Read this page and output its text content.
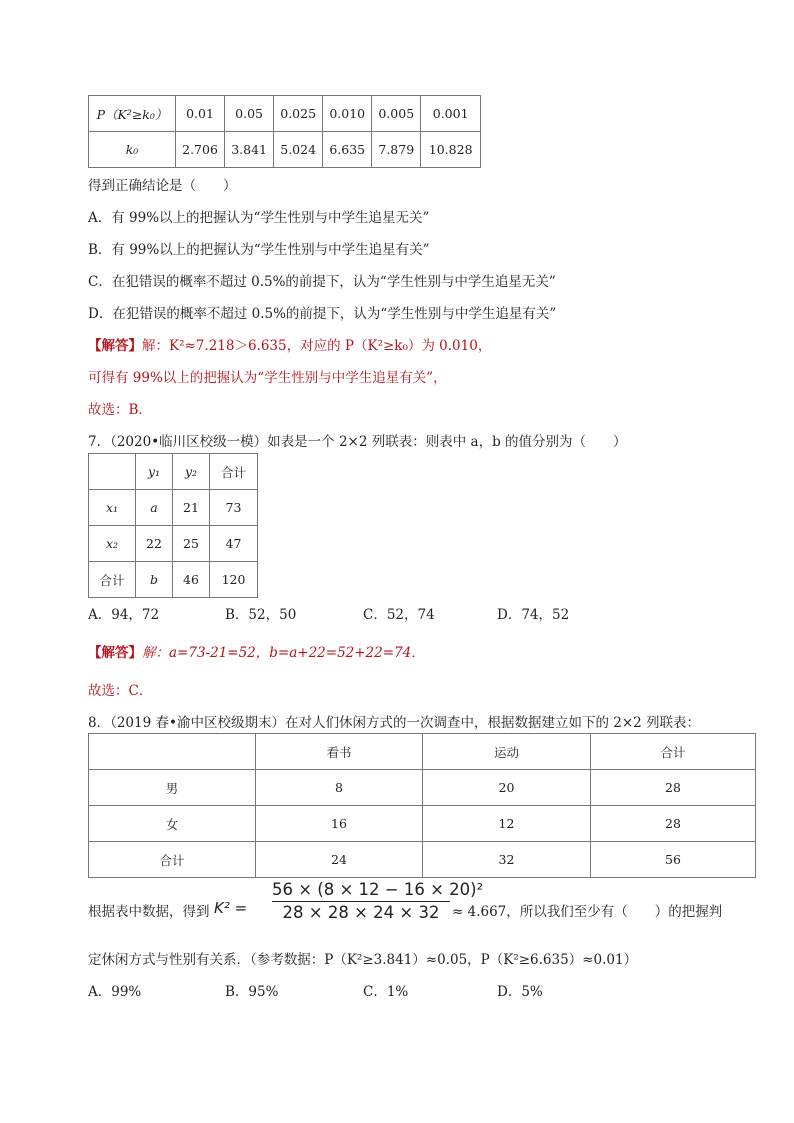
P（K²≥k₀）	0.01	0.05	0.025	0.010	0.005	0.001
k₀	2.706	3.841	5.024	6.635	7.879	10.828
得到正确结论是（　　）
A．有 99%以上的把握认为“学生性别与中学生追星无关”
B．有 99%以上的把握认为“学生性别与中学生追星有关”
C．在犯错误的概率不超过 0.5%的前提下，认为“学生性别与中学生追星无关”
D．在犯错误的概率不超过 0.5%的前提下，认为“学生性别与中学生追星有关”
【解答】解：K²≈7.218＞6.635，对应的 P（K²≥k₀）为 0.010，
可得有 99%以上的把握认为“学生性别与中学生追星有关”，
故选：B．
7．（2020•临川区校级一模）如表是一个 2×2 列联表：则表中 a，b 的值分别为（　　）
	y₁	y₂	合计
x₁	a	21	73
x₂	22	25	47
合计	b	46	120
A．94，72	B．52，50	C．52，74	D．74，52
【解答】解：a=73-21=52，b=a+22=52+22=74．
故选：C．
8．（2019 春•渝中区校级期末）在对人们休闲方式的一次调查中，根据数据建立如下的 2×2 列联表：
	看书	运动	合计
男	8	20	28
女	16	12	28
合计	24	32	56
根据表中数据，得到 K² =
56 × (8 × 12 − 16 × 20)²
28 × 28 × 24 × 32 ≈ 4.667，所以我们至少有（　　）的把握判
定休闲方式与性别有关系．（参考数据：P（K²≥3.841）≈0.05，P（K²≥6.635）≈0.01）
A．99%	B．95%	C．1%	D．5%
